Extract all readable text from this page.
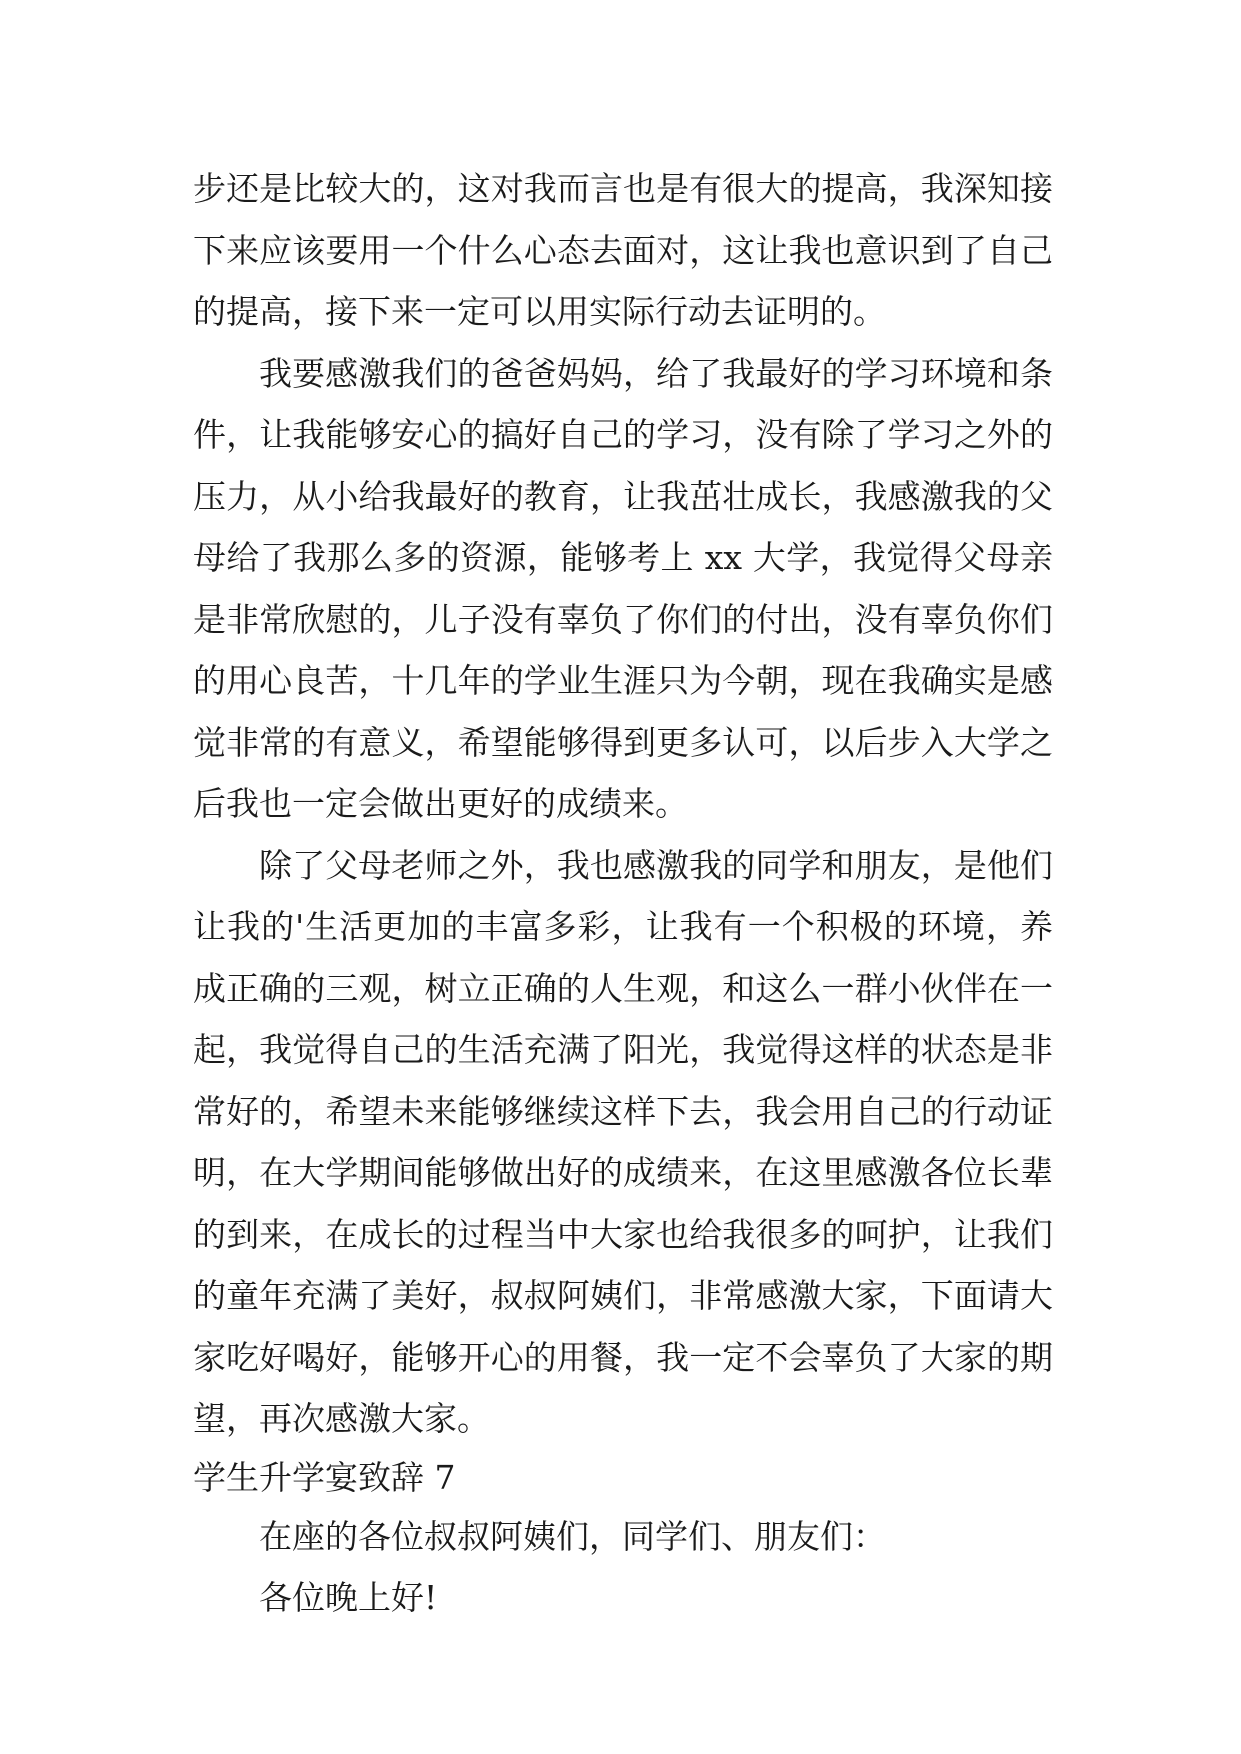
步还是比较大的，这对我而言也是有很大的提高，我深知接
下来应该要用一个什么心态去面对，这让我也意识到了自己
的提高，接下来一定可以用实际行动去证明的。
我要感激我们的爸爸妈妈，给了我最好的学习环境和条
件，让我能够安心的搞好自己的学习，没有除了学习之外的
压力，从小给我最好的教育，让我茁壮成长，我感激我的父
母给了我那么多的资源，能够考上 xx 大学，我觉得父母亲
是非常欣慰的，儿子没有辜负了你们的付出，没有辜负你们
的用心良苦，十几年的学业生涯只为今朝，现在我确实是感
觉非常的有意义，希望能够得到更多认可，以后步入大学之
后我也一定会做出更好的成绩来。
除了父母老师之外，我也感激我的同学和朋友，是他们
让我的'生活更加的丰富多彩，让我有一个积极的环境，养
成正确的三观，树立正确的人生观，和这么一群小伙伴在一
起，我觉得自己的生活充满了阳光，我觉得这样的状态是非
常好的，希望未来能够继续这样下去，我会用自己的行动证
明，在大学期间能够做出好的成绩来，在这里感激各位长辈
的到来，在成长的过程当中大家也给我很多的呵护，让我们
的童年充满了美好，叔叔阿姨们，非常感激大家，下面请大
家吃好喝好，能够开心的用餐，我一定不会辜负了大家的期
望，再次感激大家。
学生升学宴致辞 7
在座的各位叔叔阿姨们，同学们、朋友们：
各位晚上好!
